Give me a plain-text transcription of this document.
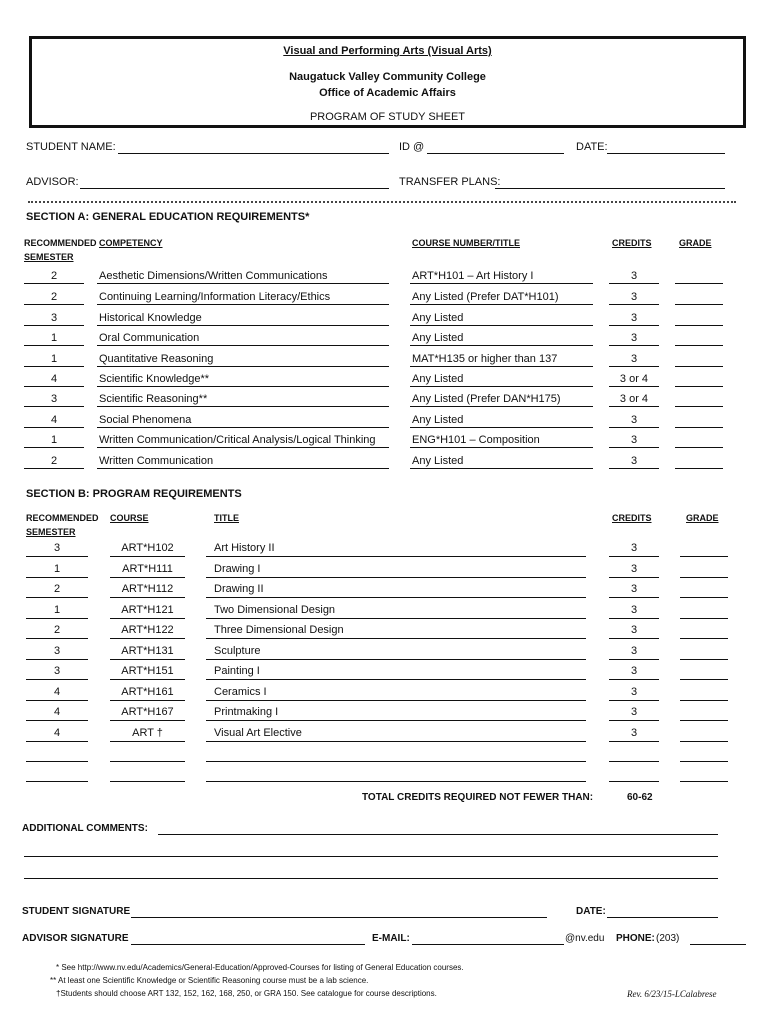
Visual and Performing Arts (Visual Arts)
Naugatuck Valley Community College
Office of Academic Affairs
PROGRAM OF STUDY SHEET
STUDENT NAME:	ID @	DATE:
ADVISOR:	TRANSFER PLANS:
SECTION A: GENERAL EDUCATION REQUIREMENTS*
RECOMMENDED
SEMESTER
COMPETENCY	COURSE NUMBER/TITLE	CREDITS	GRADE
2	Aesthetic Dimensions/Written Communications	ART*H101 – Art History I	3
2	Continuing Learning/Information Literacy/Ethics	Any Listed (Prefer DAT*H101)	3
3	Historical Knowledge	Any Listed	3
1	Oral Communication	Any Listed	3
1	Quantitative Reasoning	MAT*H135 or higher than 137	3
4	Scientific Knowledge**	Any Listed	3 or 4
3	Scientific Reasoning**	Any Listed (Prefer DAN*H175)	3 or 4
4	Social Phenomena	Any Listed	3
1	Written Communication/Critical Analysis/Logical Thinking	ENG*H101 – Composition	3
2	Written Communication	Any Listed	3
SECTION B: PROGRAM REQUIREMENTS
RECOMMENDED
SEMESTER
COURSE	TITLE	CREDITS	GRADE
3	ART*H102	Art History II	3
1	ART*H111	Drawing I	3
2	ART*H112	Drawing II	3
1	ART*H121	Two Dimensional Design	3
2	ART*H122	Three Dimensional Design	3
3	ART*H131	Sculpture	3
3	ART*H151	Painting I	3
4	ART*H161	Ceramics I	3
4	ART*H167	Printmaking I	3
4	ART †	Visual Art Elective	3
TOTAL CREDITS REQUIRED NOT FEWER THAN:	60-62
ADDITIONAL COMMENTS:
STUDENT SIGNATURE	DATE:
ADVISOR SIGNATURE	E-MAIL:	@nv.edu PHONE: (203)
* See http://www.nv.edu/Academics/General-Education/Approved-Courses for listing of General Education courses.
** At least one Scientific Knowledge or Scientific Reasoning course must be a lab science.
†Students should choose ART 132, 152, 162, 168, 250, or GRA 150. See catalogue for course descriptions.	Rev. 6/23/15-LCalabrese
